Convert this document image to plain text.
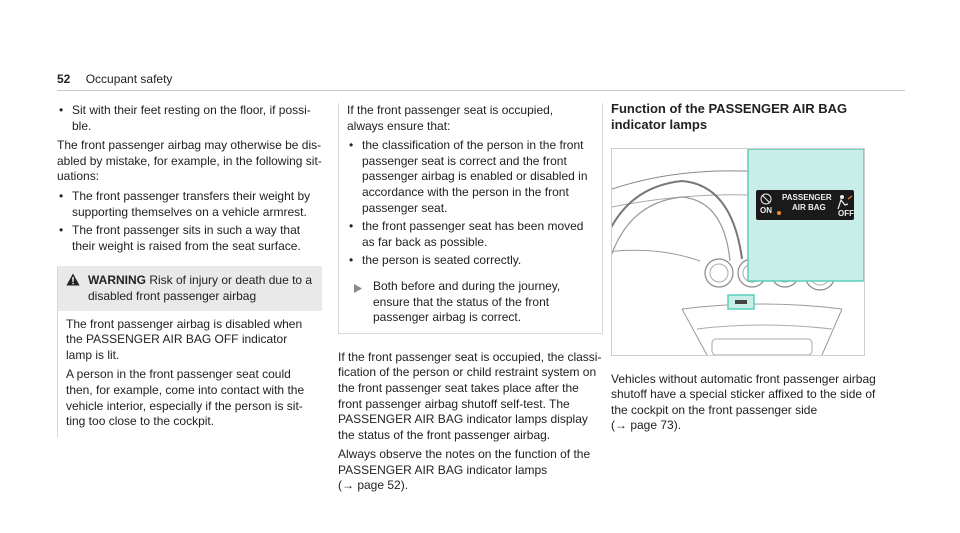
52 Occupant safety
• Sit with their feet resting on the floor, if possi-ble.

The front passenger airbag may otherwise be dis-abled by mistake, for example, in the following sit-uations:

• The front passenger transfers their weight by supporting themselves on a vehicle armrest.
• The front passenger sits in such a way that their weight is raised from the seat surface.
WARNING Risk of injury or death due to a disabled front passenger airbag

The front passenger airbag is disabled when the PASSENGER AIR BAG OFF indicator lamp is lit.

A person in the front passenger seat could then, for example, come into contact with the vehicle interior, especially if the person is sit-ting too close to the cockpit.

If the front passenger seat is occupied, always ensure that:

• the classification of the person in the front passenger seat is correct and the front passenger airbag is enabled or disabled in accordance with the person in the front passenger seat.
• the front passenger seat has been moved as far back as possible.
• the person is seated correctly.
Both before and during the journey, ensure that the status of the front passenger airbag is correct.

If the front passenger seat is occupied, the classi-fication of the person or child restraint system on the front passenger seat takes place after the front passenger airbag shutoff self-test. The PASSENGER AIR BAG indicator lamps display the status of the front passenger airbag.

Always observe the notes on the function of the PASSENGER AIR BAG indicator lamps
(→ page 52).

Function of the PASSENGER AIR BAG indicator lamps
ON
PASSENGER
AIR BAG
OFF

Vehicles without automatic front passenger airbag shutoff have a special sticker affixed to the side of the cockpit on the front passenger side
(→ page 73).
